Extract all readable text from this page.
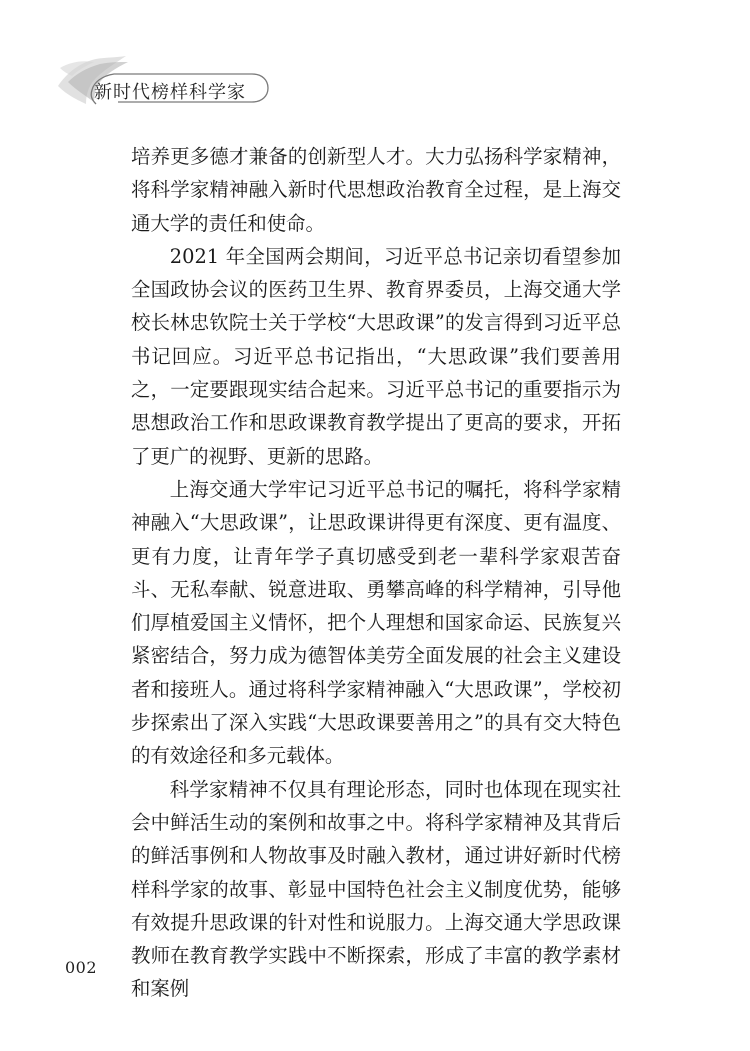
新时代榜样科学家

培养更多德才兼备的创新型人才。大力弘扬科学家精神，将科学家精神融入新时代思想政治教育全过程，是上海交通大学的责任和使命。

2021 年全国两会期间，习近平总书记亲切看望参加全国政协会议的医药卫生界、教育界委员，上海交通大学校长林忠钦院士关于学校“大思政课”的发言得到习近平总书记回应。习近平总书记指出，“大思政课”我们要善用之，一定要跟现实结合起来。习近平总书记的重要指示为思想政治工作和思政课教育教学提出了更高的要求，开拓了更广的视野、更新的思路。

上海交通大学牢记习近平总书记的嘱托，将科学家精神融入“大思政课”，让思政课讲得更有深度、更有温度、更有力度，让青年学子真切感受到老一辈科学家艰苦奋斗、无私奉献、锐意进取、勇攀高峰的科学精神，引导他们厚植爱国主义情怀，把个人理想和国家命运、民族复兴紧密结合，努力成为德智体美劳全面发展的社会主义建设者和接班人。通过将科学家精神融入“大思政课”，学校初步探索出了深入实践“大思政课要善用之”的具有交大特色的有效途径和多元载体。

科学家精神不仅具有理论形态，同时也体现在现实社会中鲜活生动的案例和故事之中。将科学家精神及其背后的鲜活事例和人物故事及时融入教材，通过讲好新时代榜样科学家的故事、彰显中国特色社会主义制度优势，能够有效提升思政课的针对性和说服力。上海交通大学思政课教师在教育教学实践中不断探索，形成了丰富的教学素材和案例

002
